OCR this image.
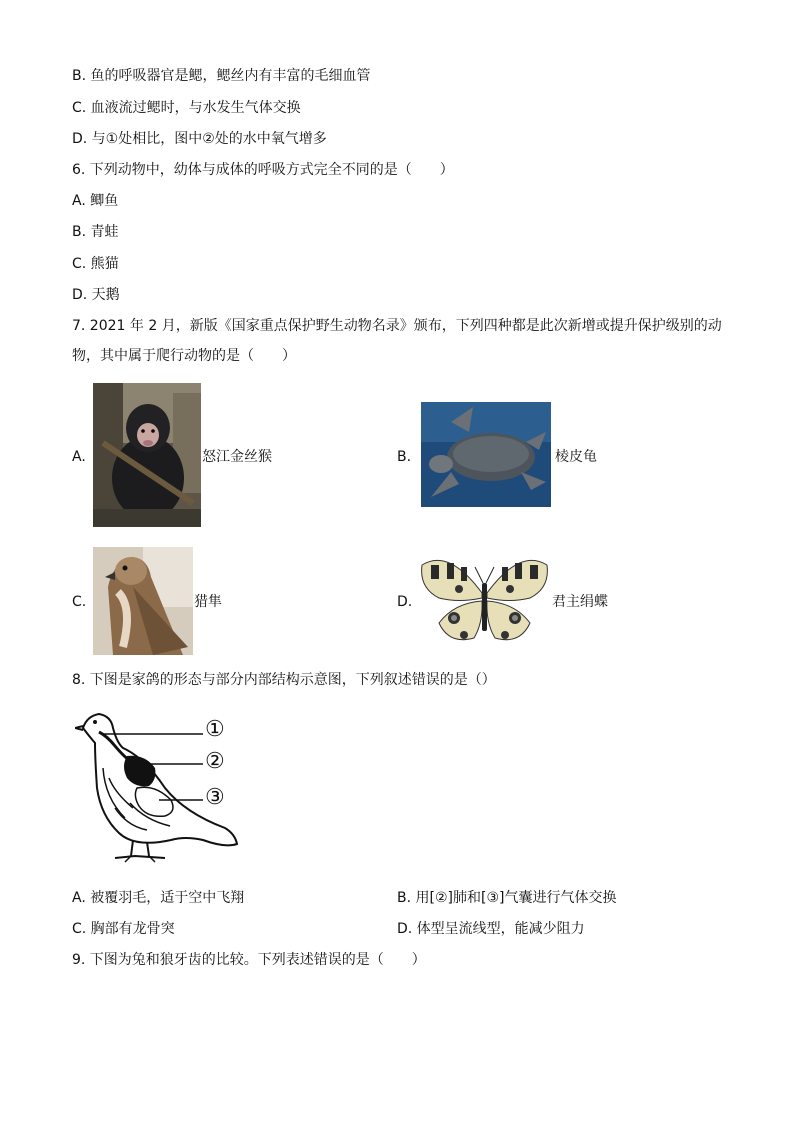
B. 鱼的呼吸器官是鳃，鳃丝内有丰富的毛细血管
C. 血液流过鳃时，与水发生气体交换
D. 与①处相比，图中②处的水中氧气增多
6. 下列动物中，幼体与成体的呼吸方式完全不同的是（　　）
A. 鲫鱼
B. 青蛙
C. 熊猫
D. 天鹅
7. 2021 年 2 月，新版《国家重点保护野生动物名录》颁布，下列四种都是此次新增或提升保护级别的动
物，其中属于爬行动物的是（　　）
A.	怒江金丝猴	B.	棱皮龟
C.	猎隼	D.	君主绢蝶
8. 下图是家鸽的形态与部分内部结构示意图，下列叙述错误的是（）
①
②
③
A. 被覆羽毛，适于空中飞翔	B. 用[②]肺和[③]气囊进行气体交换
C. 胸部有龙骨突	D. 体型呈流线型，能减少阻力
9. 下图为兔和狼牙齿的比较。下列表述错误的是（　　）
